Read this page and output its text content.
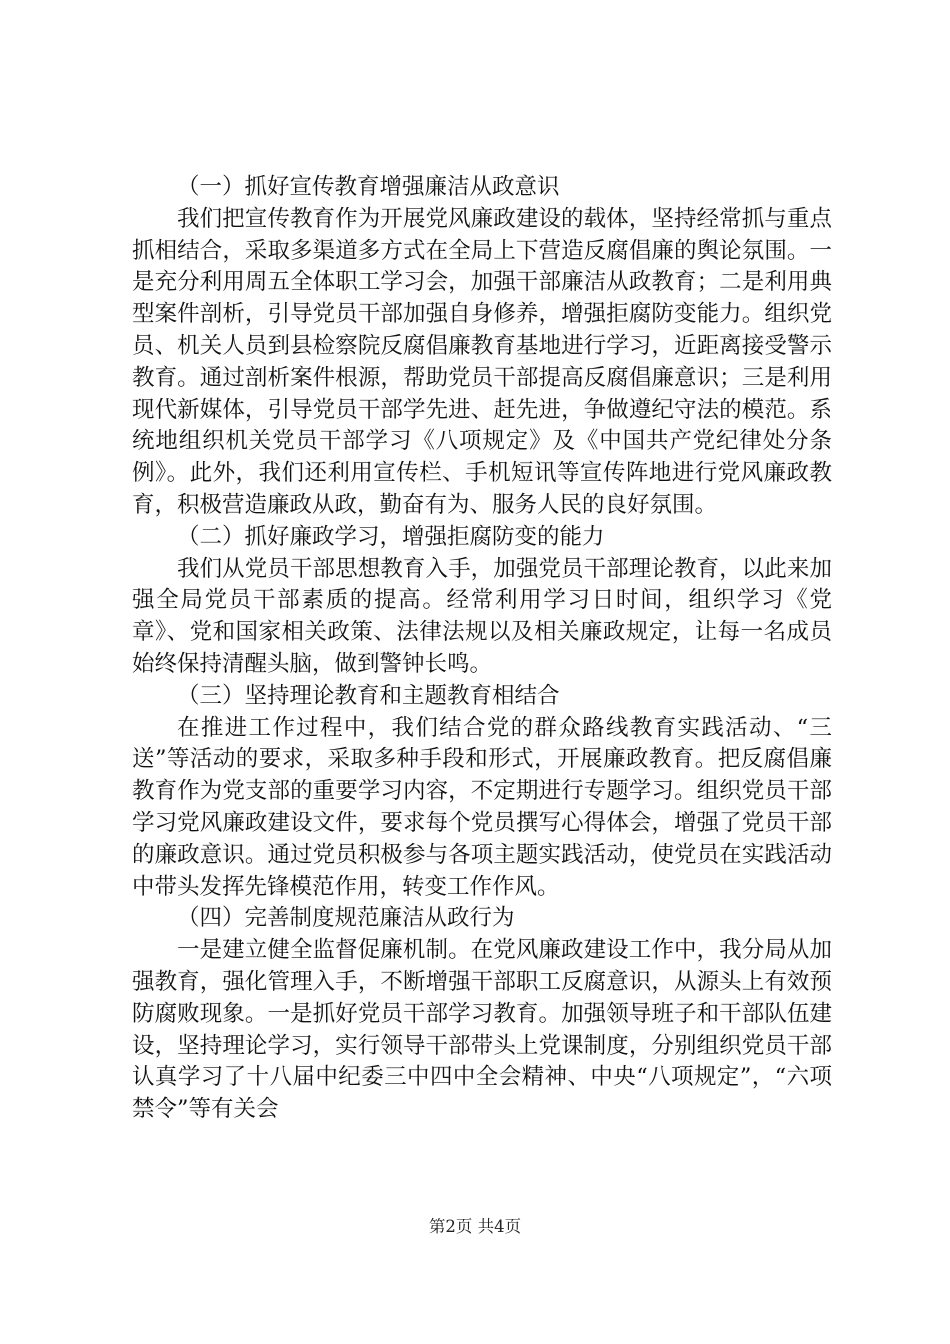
（一）抓好宣传教育增强廉洁从政意识

我们把宣传教育作为开展党风廉政建设的载体，坚持经常抓与重点抓相结合，采取多渠道多方式在全局上下营造反腐倡廉的舆论氛围。一是充分利用周五全体职工学习会，加强干部廉洁从政教育；二是利用典型案件剖析，引导党员干部加强自身修养，增强拒腐防变能力。组织党员、机关人员到县检察院反腐倡廉教育基地进行学习，近距离接受警示教育。通过剖析案件根源，帮助党员干部提高反腐倡廉意识；三是利用现代新媒体，引导党员干部学先进、赶先进，争做遵纪守法的模范。系统地组织机关党员干部学习《八项规定》及《中国共产党纪律处分条例》。此外，我们还利用宣传栏、手机短讯等宣传阵地进行党风廉政教育，积极营造廉政从政，勤奋有为、服务人民的良好氛围。

（二）抓好廉政学习，增强拒腐防变的能力

我们从党员干部思想教育入手，加强党员干部理论教育，以此来加强全局党员干部素质的提高。经常利用学习日时间，组织学习《党章》、党和国家相关政策、法律法规以及相关廉政规定，让每一名成员始终保持清醒头脑，做到警钟长鸣。

（三）坚持理论教育和主题教育相结合

在推进工作过程中，我们结合党的群众路线教育实践活动、“三送”等活动的要求，采取多种手段和形式，开展廉政教育。把反腐倡廉教育作为党支部的重要学习内容，不定期进行专题学习。组织党员干部学习党风廉政建设文件，要求每个党员撰写心得体会，增强了党员干部的廉政意识。通过党员积极参与各项主题实践活动，使党员在实践活动中带头发挥先锋模范作用，转变工作作风。

（四）完善制度规范廉洁从政行为

一是建立健全监督促廉机制。在党风廉政建设工作中，我分局从加强教育，强化管理入手，不断增强干部职工反腐意识，从源头上有效预防腐败现象。一是抓好党员干部学习教育。加强领导班子和干部队伍建设，坚持理论学习，实行领导干部带头上党课制度，分别组织党员干部认真学习了十八届中纪委三中四中全会精神、中央“八项规定”，“六项禁令”等有关会

第2页 共4页
